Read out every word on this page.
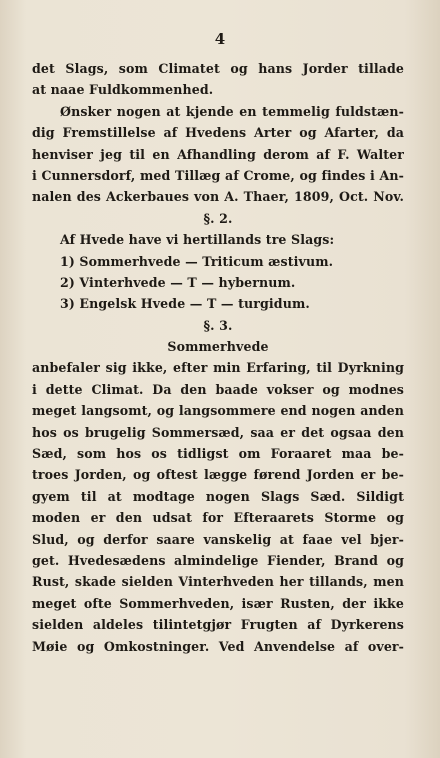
4
det Slags, som Climatet og hans Jorder tillade
at naae Fuldkommenhed.
Ønsker nogen at kjende en temmelig fuldstæn-
dig Fremstillelse af Hvedens Arter og Afarter, da
henviser jeg til en Afhandling derom af F. Walter
i Cunnersdorf, med Tillæg af Crome, og findes i An-
nalen des Ackerbaues von A. Thaer, 1809, Oct. Nov.
§. 2.
Af Hvede have vi hertillands tre Slags:
1) Sommerhvede — Triticum æstivum.
2) Vinterhvede — T — hybernum.
3) Engelsk Hvede — T — turgidum.
§. 3.
Sommerhvede
anbefaler sig ikke, efter min Erfaring, til Dyrkning
i dette Climat. Da den baade vokser og modnes
meget langsomt, og langsommere end nogen anden
hos os brugelig Sommersæd, saa er det ogsaa den
Sæd, som hos os tidligst om Foraaret maa be-
troes Jorden, og oftest lægge førend Jorden er be-
gyem til at modtage nogen Slags Sæd. Sildigt
moden er den udsat for Efteraarets Storme og
Slud, og derfor saare vanskelig at faae vel bjer-
get. Hvedesædens almindelige Fiender, Brand og
Rust, skade sielden Vinterhveden her tillands, men
meget ofte Sommerhveden, især Rusten, der ikke
sielden aldeles tilintetgjør Frugten af Dyrkerens
Møie og Omkostninger. Ved Anvendelse af over-
